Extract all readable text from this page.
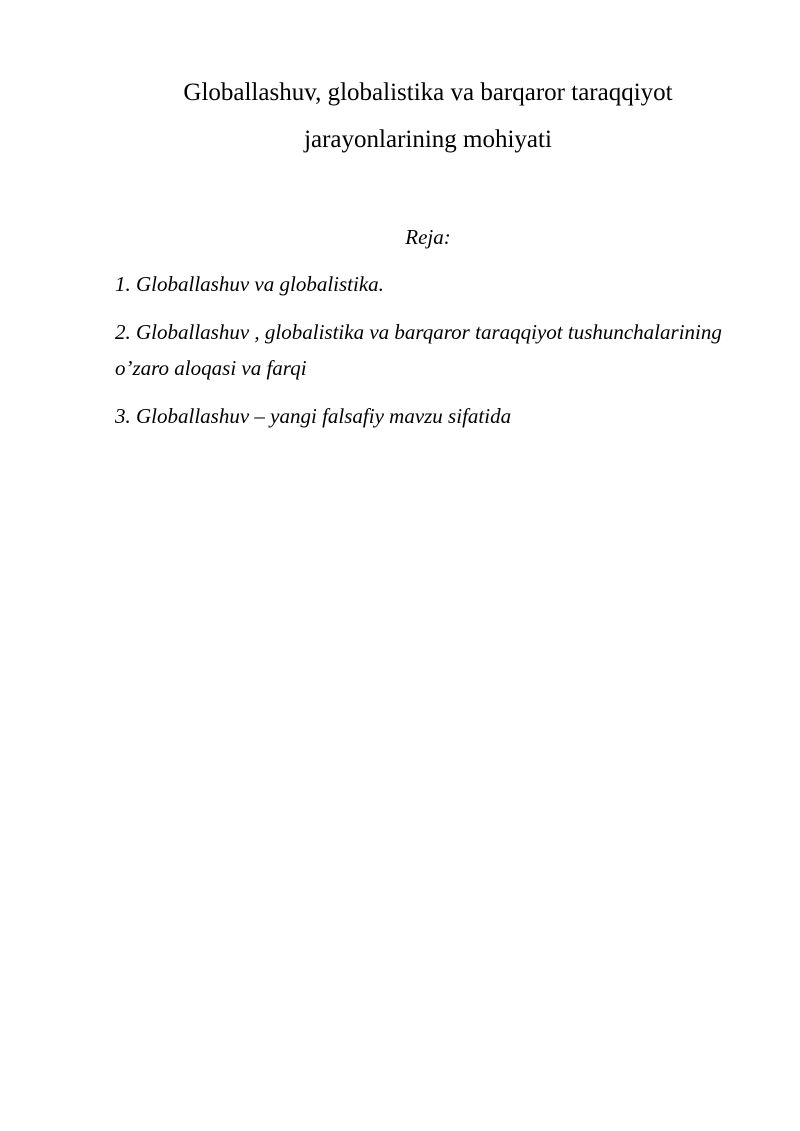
Globallashuv, globalistika va barqaror taraqqiyot
jarayonlarining mohiyati
Reja:
1. Globallashuv va globalistika.
2. Globallashuv , globalistika va barqaror taraqqiyot tushunchalarining
o’zaro aloqasi va farqi
3. Globallashuv – yangi falsafiy mavzu sifatida
